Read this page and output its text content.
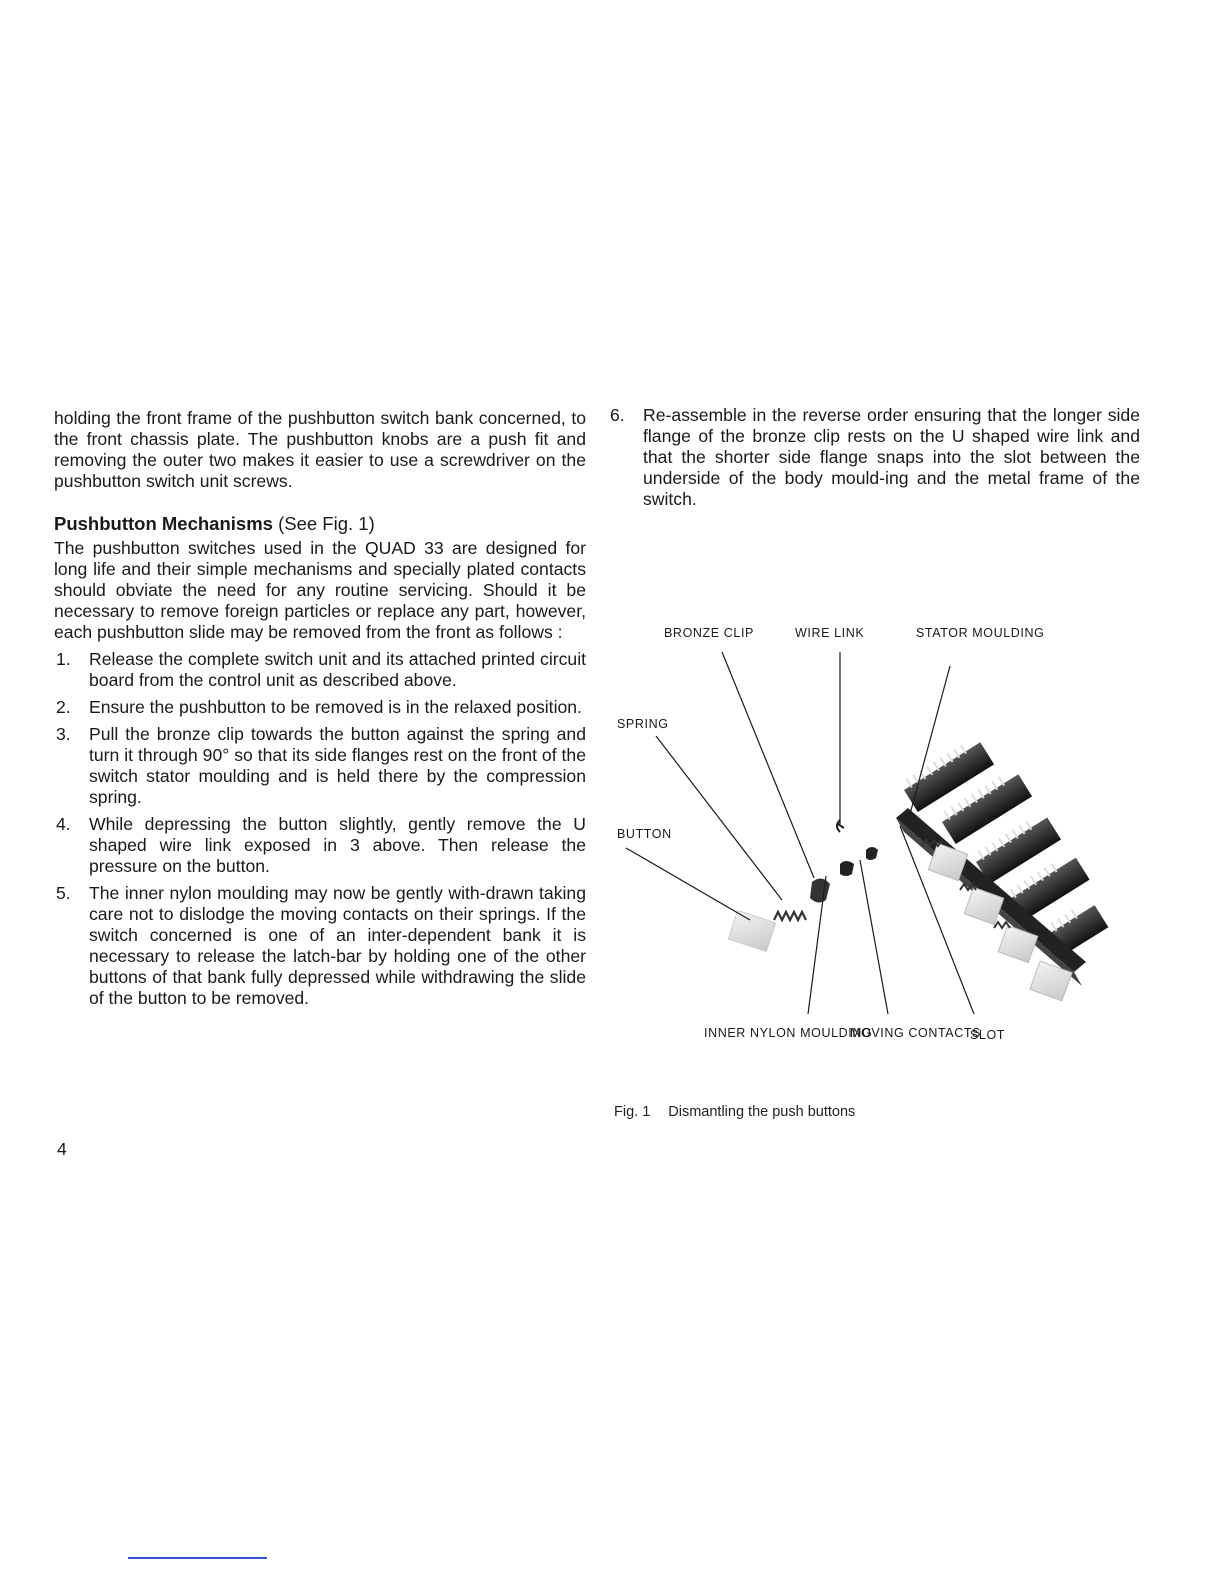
holding the front frame of the pushbutton switch bank concerned, to the front chassis plate. The pushbutton knobs are a push fit and removing the outer two makes it easier to use a screwdriver on the pushbutton switch unit screws.

Pushbutton Mechanisms (See Fig. 1)

The pushbutton switches used in the QUAD 33 are designed for long life and their simple mechanisms and specially plated contacts should obviate the need for any routine servicing. Should it be necessary to remove foreign particles or replace any part, however, each pushbutton slide may be removed from the front as follows :

1. Release the complete switch unit and its attached printed circuit board from the control unit as described above.
2. Ensure the pushbutton to be removed is in the relaxed position.
3. Pull the bronze clip towards the button against the spring and turn it through 90° so that its side flanges rest on the front of the switch stator moulding and is held there by the compression spring.
4. While depressing the button slightly, gently remove the U shaped wire link exposed in 3 above. Then release the pressure on the button.
5. The inner nylon moulding may now be gently with-drawn taking care not to dislodge the moving contacts on their springs. If the switch concerned is one of an inter-dependent bank it is necessary to release the latch-bar by holding one of the other buttons of that bank fully depressed while withdrawing the slide of the button to be removed.
6. Re-assemble in the reverse order ensuring that the longer side flange of the bronze clip rests on the U shaped wire link and that the shorter side flange snaps into the slot between the underside of the body mould-ing and the metal frame of the switch.
BRONZE CLIP	WIRE LINK	STATOR MOULDING
SPRING
BUTTON
INNER NYLON MOULDING
MOVING CONTACTS
SLOT
Fig. 1 Dismantling the push buttons
4
